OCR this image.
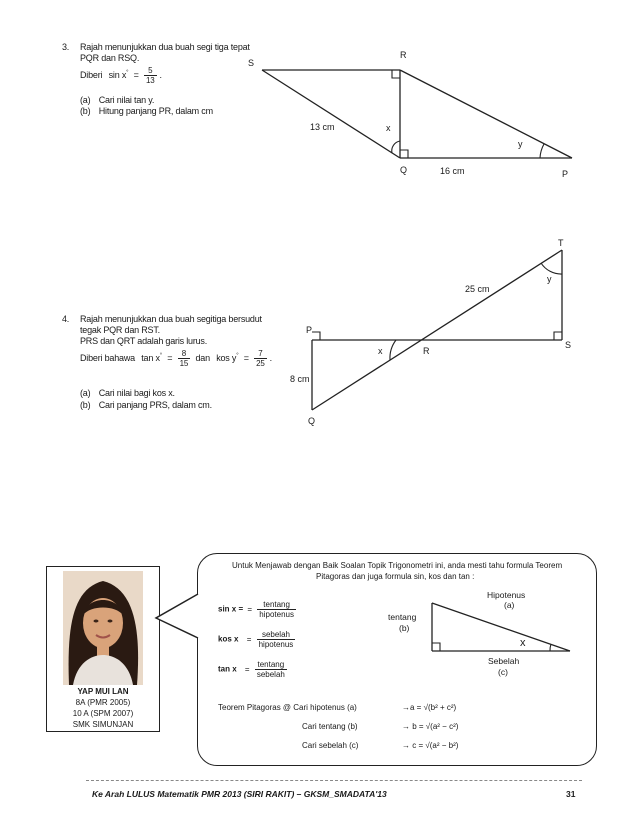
3. Rajah menunjukkan dua buah segi tiga tepat
PQR dan RSQ.
Diberi $\sin x^\circ = \frac{5}{13}$ .
(a) Cari nilai tan y.
(b) Hitung panjang PR, dalam cm
S
R
Q	P
x
y
13 cm
16 cm
4. Rajah menunjukkan dua buah segitiga bersudut
tegak PQR dan RST.
PRS dan QRT adalah garis lurus.
Diberi bahawa $\tan x^\circ = \frac{8}{15}$ dan kos $y^\circ = \frac{7}{25}$ .
(a) Cari nilai bagi kos x.
(b) Cari panjang PRS, dalam cm.
T
P
R
S
Q
x
y
25 cm
8 cm
YAP MUI LAN
8A (PMR 2005)
10 A (SPM 2007)
SMK SIMUNJAN
Untuk Menjawab dengan Baik Soalan Topik Trigonometri ini, anda mesti tahu formula Teorem
Pitagoras dan juga formula sin, kos dan tan :
sin x = = $\frac{\text{tentang}}{\text{hipotenus}}$
kos $x = \frac{\text{sebelah}}{\text{hipotenus}}$
$\tan x = \frac{\text{tentang}}{\text{sebelah}}$
Hipotenus
(a)
tentang
(b)
x
Sebelah
(c)
Teorem Pitagoras @ Cari hipotenus (a)	→a = √(b² + c²)
Cari tentang (b)	→ b = √(a² − c²)
Cari sebelah (c)	→ c = √(a² − b²)
Ke Arah LULUS Matematik PMR 2013 (SIRI RAKIT) – GKSM_SMADATA'13	31
